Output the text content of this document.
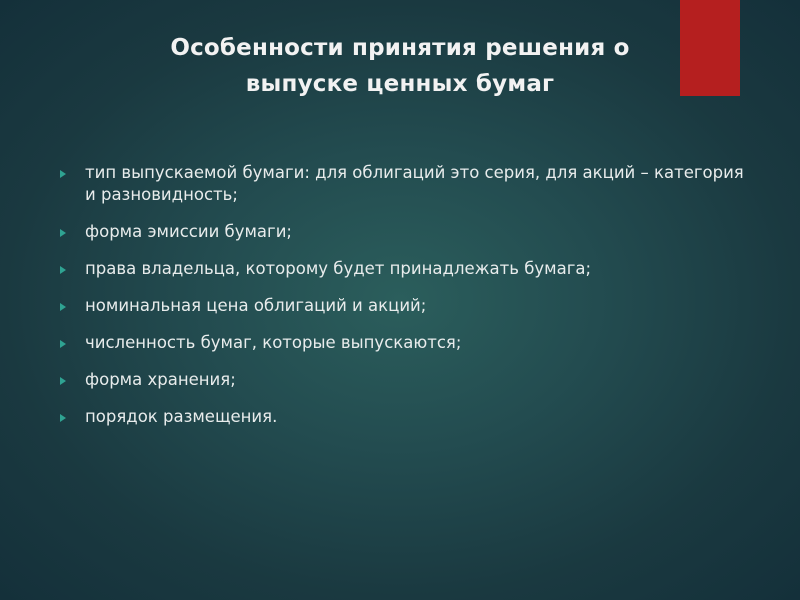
Особенности принятия решения о
выпуске ценных бумаг
тип выпускаемой бумаги: для облигаций это серия, для акций – категория и разновидность;
форма эмиссии бумаги;
права владельца, которому будет принадлежать бумага;
номинальная цена облигаций и акций;
численность бумаг, которые выпускаются;
форма хранения;
порядок размещения.
